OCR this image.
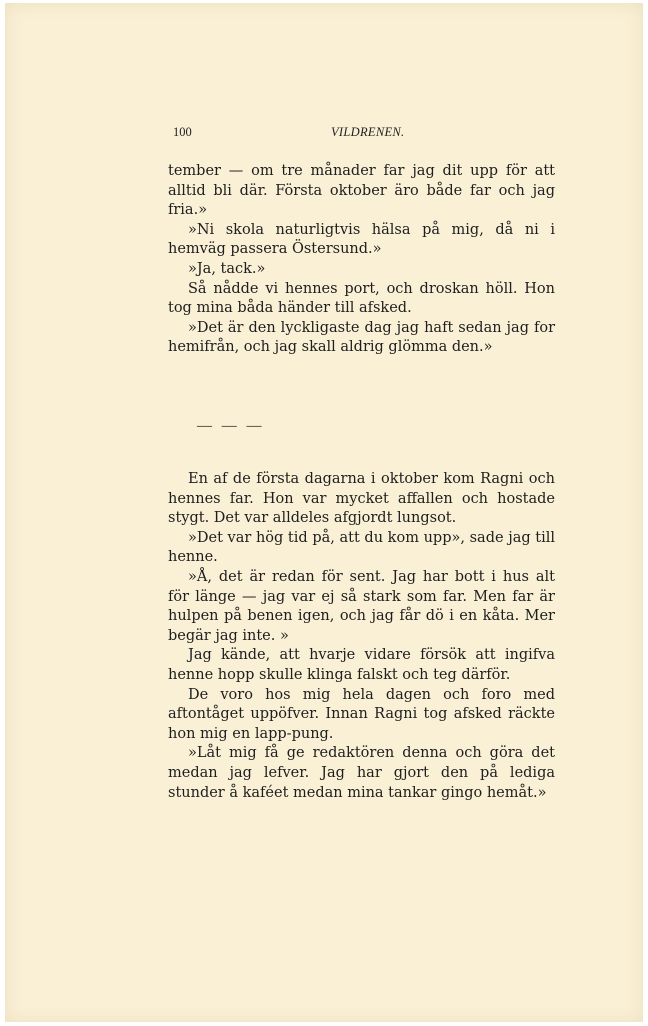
100	VILDRENEN.

tember — om tre månader far jag dit upp för att alltid bli där. Första oktober äro både far och jag fria.»

»Ni skola naturligtvis hälsa på mig, då ni i hemväg passera Östersund.»

»Ja, tack.»

Så nådde vi hennes port, och droskan höll. Hon tog mina båda händer till afsked.

»Det är den lyckligaste dag jag haft sedan jag for hemifrån, och jag skall aldrig glömma den.»

— — —

En af de första dagarna i oktober kom Ragni och hennes far. Hon var mycket affallen och hostade stygt. Det var alldeles afgjordt lungsot.

»Det var hög tid på, att du kom upp», sade jag till henne.

»Å, det är redan för sent. Jag har bott i hus alt för länge — jag var ej så stark som far. Men far är hulpen på benen igen, och jag får dö i en kåta. Mer begär jag inte. »

Jag kände, att hvarje vidare försök att ingifva henne hopp skulle klinga falskt och teg därför.

De voro hos mig hela dagen och foro med aftontåget uppöfver. Innan Ragni tog afsked räckte hon mig en lapp-pung.

»Låt mig få ge redaktören denna och göra det medan jag lefver. Jag har gjort den på lediga stunder å kaféet medan mina tankar gingo hemåt.»
